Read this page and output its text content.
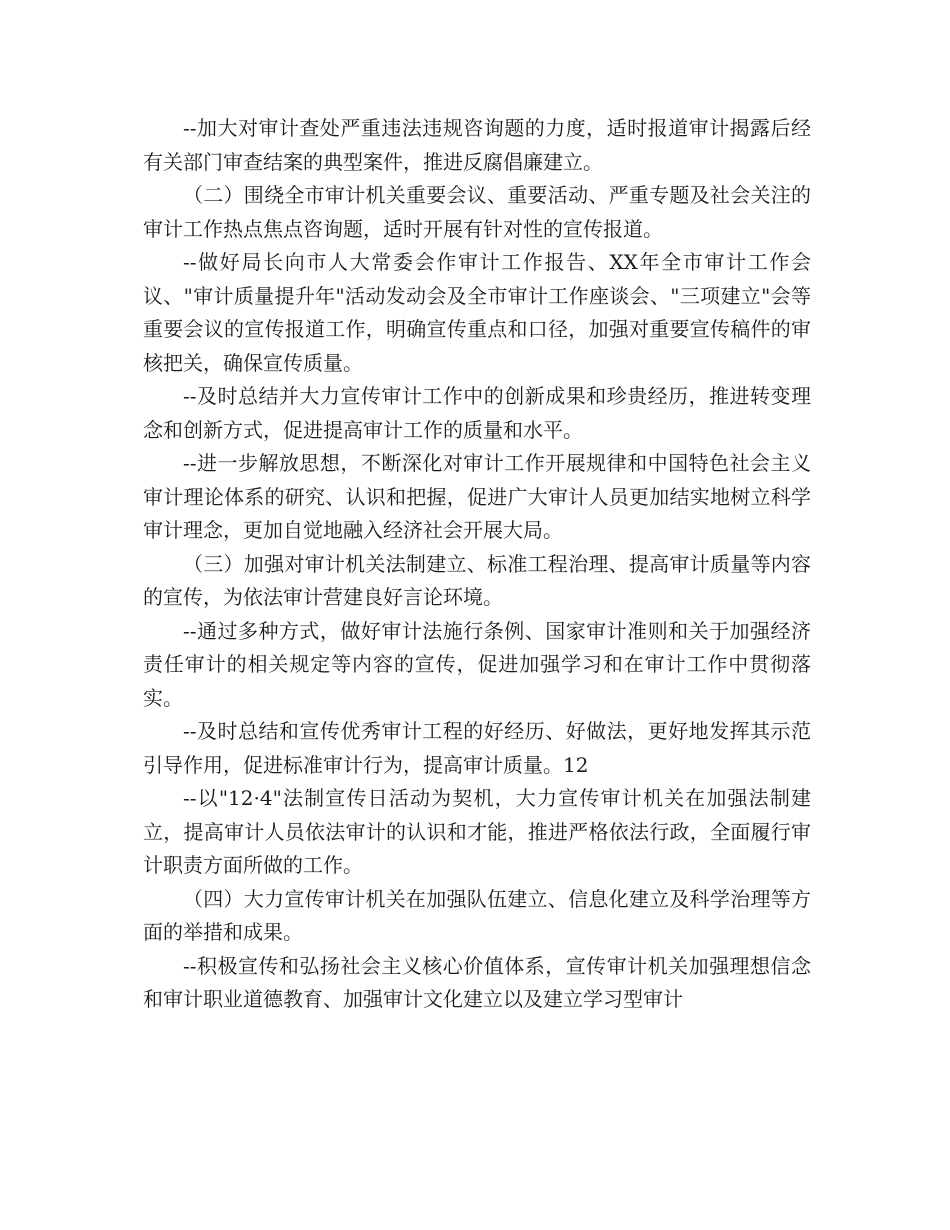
--加大对审计查处严重违法违规咨询题的力度，适时报道审计揭露后经有关部门审查结案的典型案件，推进反腐倡廉建立。

（二）围绕全市审计机关重要会议、重要活动、严重专题及社会关注的审计工作热点焦点咨询题，适时开展有针对性的宣传报道。

--做好局长向市人大常委会作审计工作报告、XX年全市审计工作会议、"审计质量提升年"活动发动会及全市审计工作座谈会、"三项建立"会等重要会议的宣传报道工作，明确宣传重点和口径，加强对重要宣传稿件的审核把关，确保宣传质量。

--及时总结并大力宣传审计工作中的创新成果和珍贵经历，推进转变理念和创新方式，促进提高审计工作的质量和水平。

--进一步解放思想，不断深化对审计工作开展规律和中国特色社会主义审计理论体系的研究、认识和把握，促进广大审计人员更加结实地树立科学审计理念，更加自觉地融入经济社会开展大局。

（三）加强对审计机关法制建立、标准工程治理、提高审计质量等内容的宣传，为依法审计营建良好言论环境。

--通过多种方式，做好审计法施行条例、国家审计准则和关于加强经济责任审计的相关规定等内容的宣传，促进加强学习和在审计工作中贯彻落实。

--及时总结和宣传优秀审计工程的好经历、好做法，更好地发挥其示范引导作用，促进标准审计行为，提高审计质量。12

--以"12·4"法制宣传日活动为契机，大力宣传审计机关在加强法制建立，提高审计人员依法审计的认识和才能，推进严格依法行政，全面履行审计职责方面所做的工作。

（四）大力宣传审计机关在加强队伍建立、信息化建立及科学治理等方面的举措和成果。

--积极宣传和弘扬社会主义核心价值体系，宣传审计机关加强理想信念和审计职业道德教育、加强审计文化建立以及建立学习型审计
